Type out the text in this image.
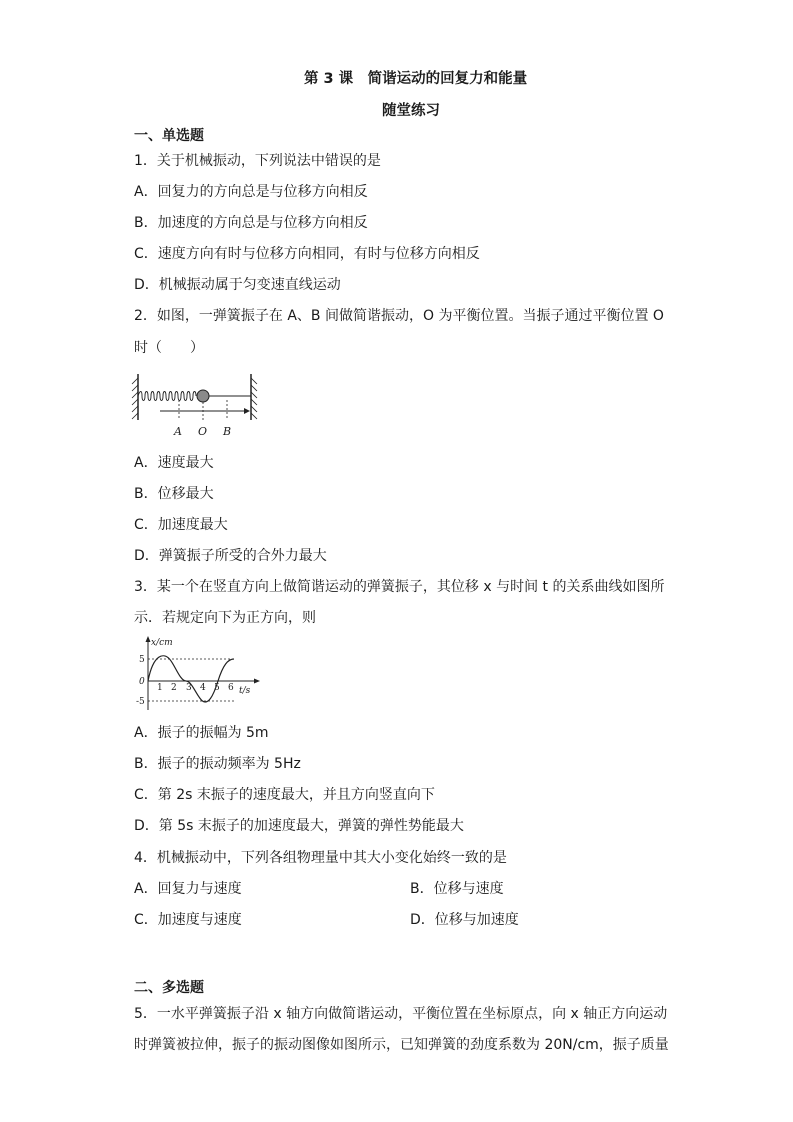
第 3 课　简谐运动的回复力和能量
随堂练习
一、单选题
1．关于机械振动，下列说法中错误的是
A．回复力的方向总是与位移方向相反
B．加速度的方向总是与位移方向相反
C．速度方向有时与位移方向相同，有时与位移方向相反
D．机械振动属于匀变速直线运动
2．如图，一弹簧振子在 A、B 间做简谐振动，O 为平衡位置。当振子通过平衡位置 O
时（　　）
A O B
A．速度最大
B．位移最大
C．加速度最大
D．弹簧振子所受的合外力最大
3．某一个在竖直方向上做简谐运动的弹簧振子，其位移 x 与时间 t 的关系曲线如图所
示．若规定向下为正方向，则
x/cm
t/s
5
0
-5
1 2 3 4 5 6
A．振子的振幅为 5m
B．振子的振动频率为 5Hz
C．第 2s 末振子的速度最大，并且方向竖直向下
D．第 5s 末振子的加速度最大，弹簧的弹性势能最大
4．机械振动中，下列各组物理量中其大小变化始终一致的是
A．回复力与速度	B．位移与速度
C．加速度与速度	D．位移与加速度
二、多选题
5．一水平弹簧振子沿 x 轴方向做简谐运动，平衡位置在坐标原点，向 x 轴正方向运动
时弹簧被拉伸，振子的振动图像如图所示，已知弹簧的劲度系数为 20N/cm，振子质量
